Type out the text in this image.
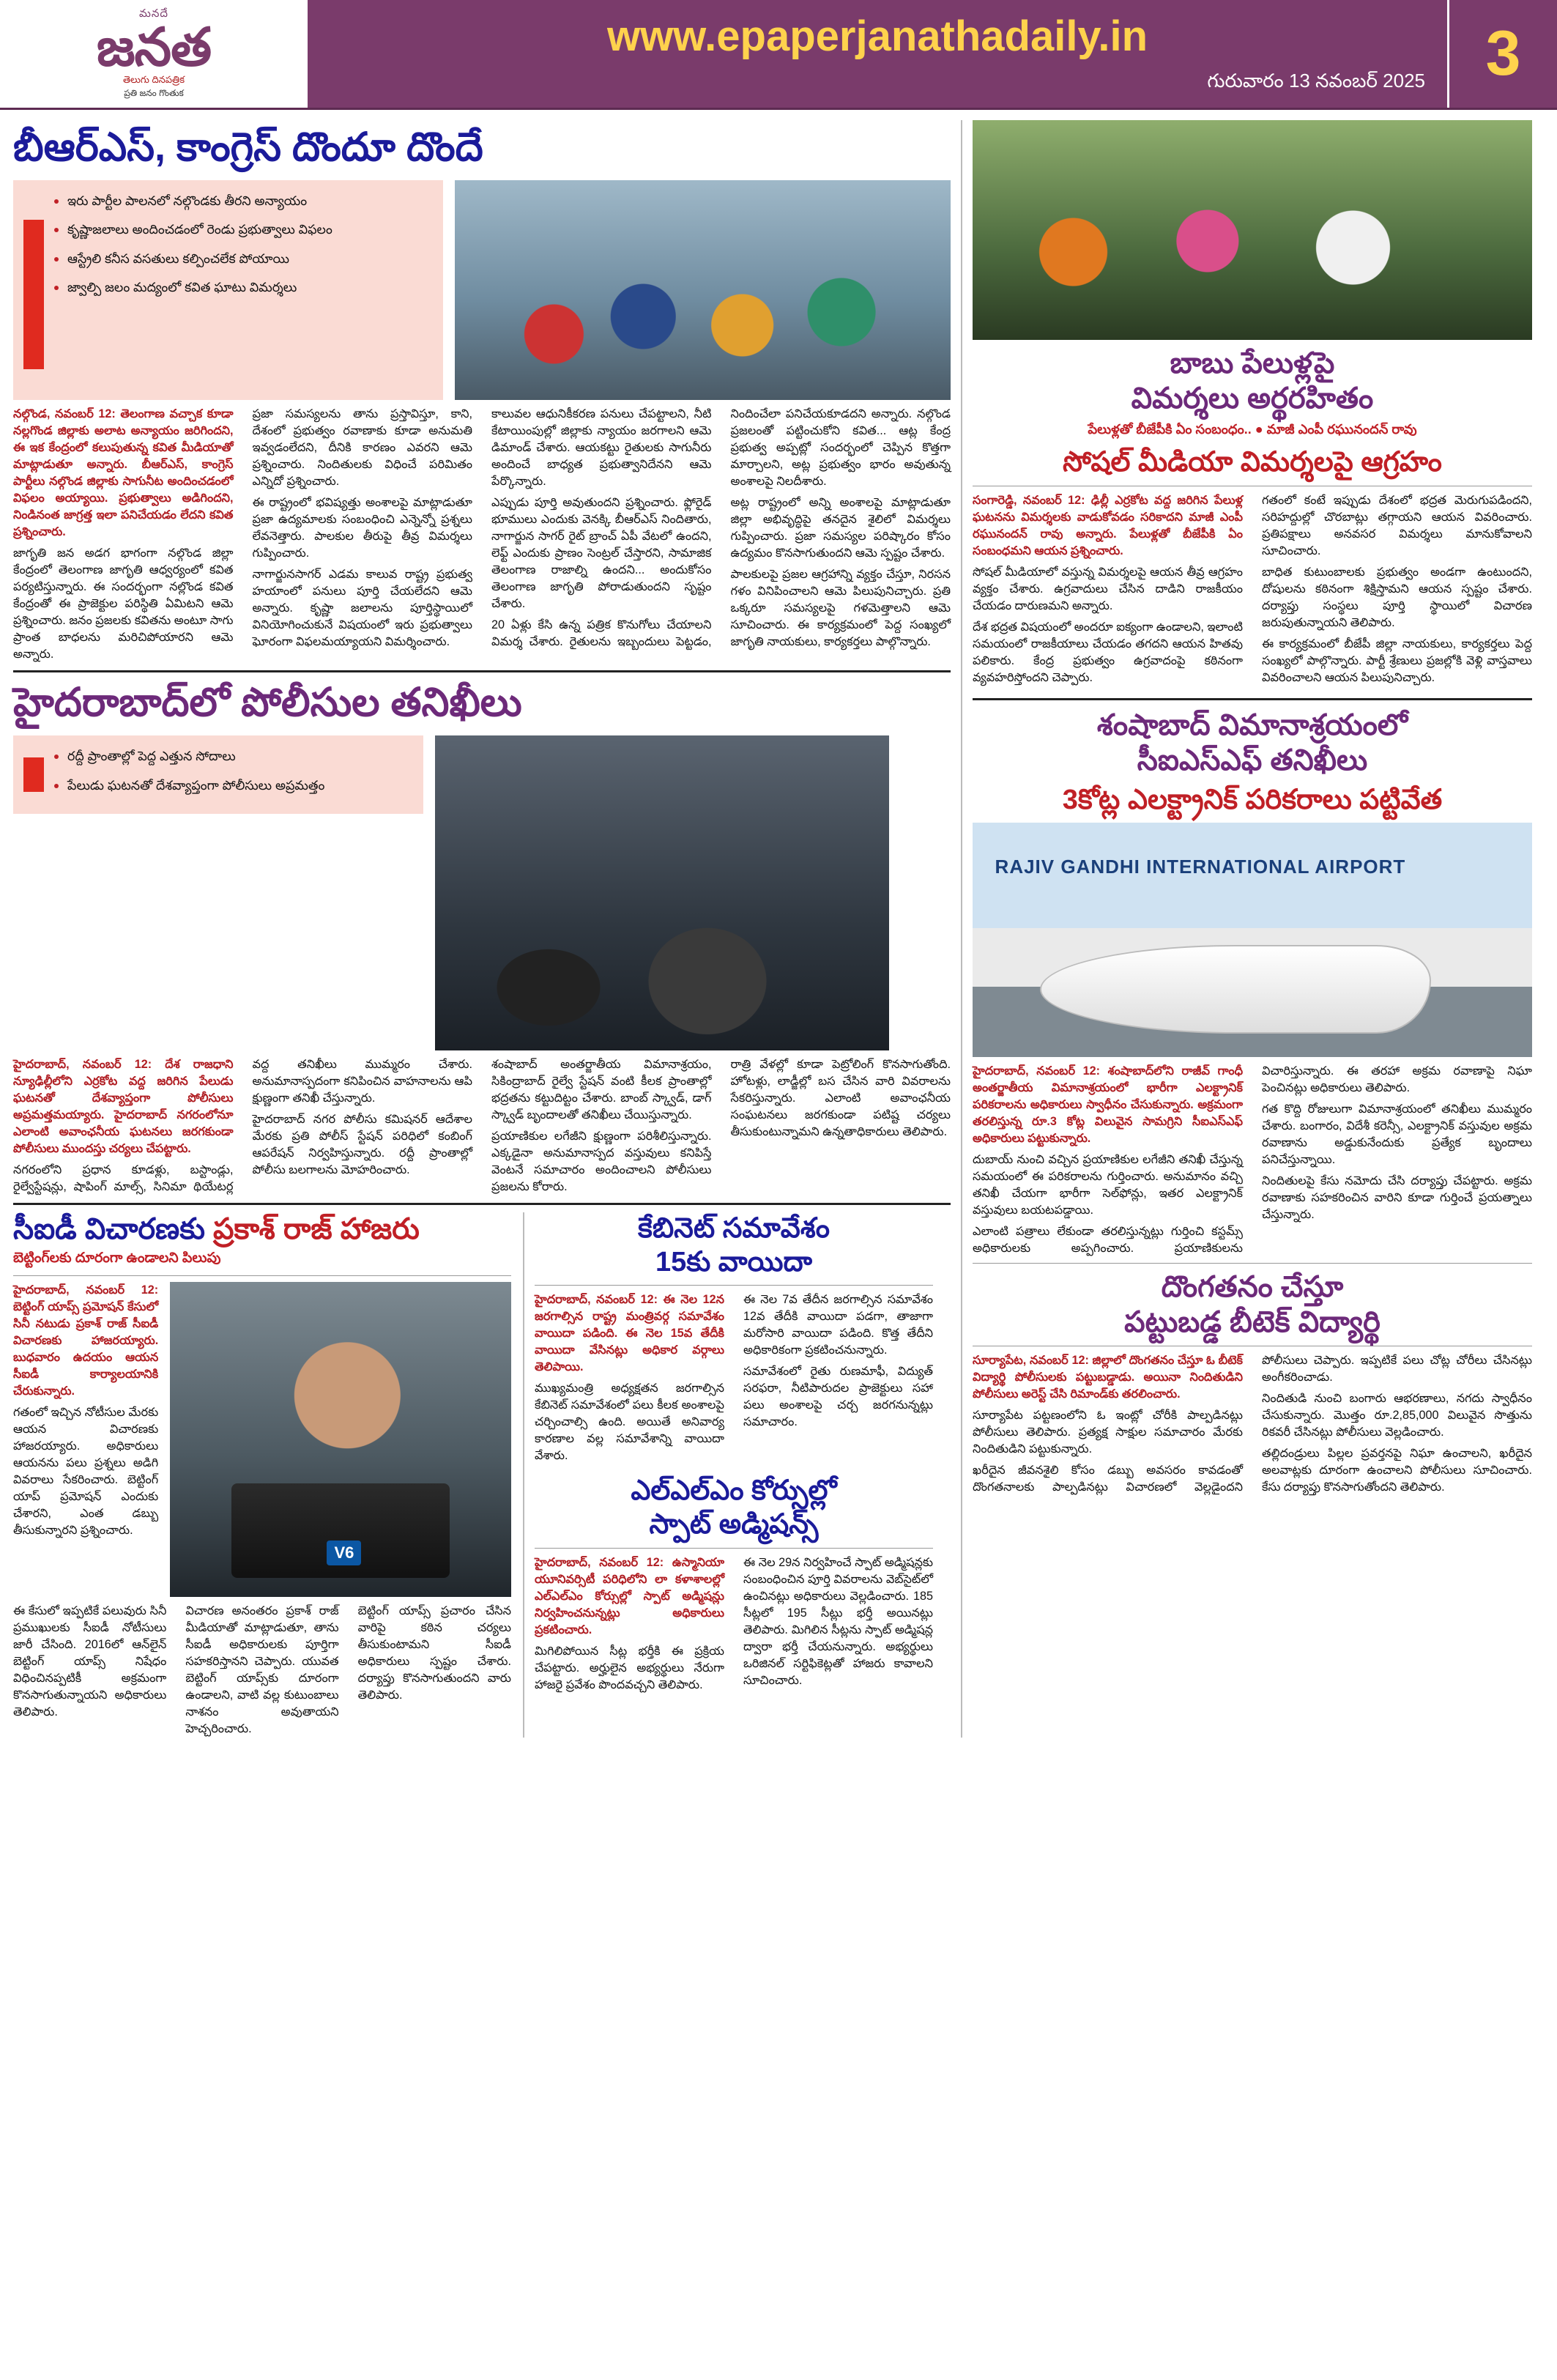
మనదే
జనత
తెలుగు దినపత్రిక
ప్రతి జనం గొంతుక
www.epaperjanathadaily.in
గురువారం 13 నవంబర్ 2025 3
బీఆర్ఎస్, కాంగ్రెస్ దొందూ దొందే
• ఇరు పార్టీల పాలనలో నల్గొండకు తీరని అన్యాయం
• కృష్ణాజలాలు అందించడంలో రెండు ప్రభుత్వాలు విఫలం
• ఆస్ట్రేలి కనీస వసతులు కల్పించలేక పోయాయి
• జ్వాల్పి జలం మద్యంలో కవిత ఘాటు విమర్శలు

నల్గొండ, నవంబర్ 12: తెలంగాణ వచ్చాక కూడా నల్లగొండ జిల్లాకు అలాట అన్యాయం జరిగిందని, ఈ ఇక కేంద్రంలో కలుపుతున్న కవిత మీడియాతో మాట్లాడుతూ అన్నారు. బీఆర్ఎస్, కాంగ్రెస్ పార్టీలు నల్గొండ జిల్లాకు సాగునీట అందించడంలో విఫలం అయ్యాయి. ప్రభుత్వాలు అడిగిందని, నిండినంత జాగ్రత్త ఇలా పనిచేయడం లేదని కవిత ప్రశ్నించారు.

జాగృతి జన అడగ భాగంగా నల్గొండ జిల్లా కేంద్రంలో తెలంగాణ జాగృతి ఆధ్వర్యంలో కవిత పర్యటిస్తున్నారు. ఈ సందర్భంగా నల్లొండ కవిత కేంద్రంతో ఈ ప్రాజెక్టుల పరిస్థితి ఏమిటని ఆమె ప్రశ్నించారు. జనం ప్రజలకు కవితను అంటూ సాగు ప్రాంత బాధలను మరిచిపోయారని ఆమె అన్నారు.

ప్రజా సమస్యలను తాను ప్రస్తావిస్తూ, కాని, దేశంలో ప్రభుత్వం రవాణాకు కూడా అనుమతి ఇవ్వడంలేదని, దీనికి కారణం ఎవరని ఆమె ప్రశ్నించారు. నిందితులకు విధించే పరిమితం ఎన్నిదో ప్రశ్నించారు.

ఈ రాష్ట్రంలో భవిష్యత్తు అంశాలపై మాట్లాడుతూ ప్రజా ఉద్యమాలకు సంబంధించి ఎన్నెన్నో ప్రశ్నలు లేవనెత్తారు. పాలకుల తీరుపై తీవ్ర విమర్శలు గుప్పించారు.

నాగార్జునసాగర్ ఎడమ కాలువ రాష్ట్ర ప్రభుత్వ హయాంలో పనులు పూర్తి చేయలేదని ఆమె అన్నారు. కృష్ణా జలాలను పూర్తిస్థాయిలో వినియోగించుకునే విషయంలో ఇరు ప్రభుత్వాలు ఘోరంగా విఫలమయ్యాయని విమర్శించారు.

కాలువల ఆధునికీకరణ పనులు చేపట్టాలని, నీటి కేటాయింపుల్లో జిల్లాకు న్యాయం జరగాలని ఆమె డిమాండ్ చేశారు. ఆయకట్టు రైతులకు సాగునీరు అందించే బాధ్యత ప్రభుత్వానిదేనని ఆమె పేర్కొన్నారు.

ఎప్పుడు పూర్తి అవుతుందని ప్రశ్నించారు. ఫ్లోరైడ్ భూములు ఎందుకు వెనక్కి బీఆర్ఎస్ నిందితారు, నాగార్జున సాగర్ రైట్ బ్రాంచ్ ఏపీ వేటలో ఉందని, లెఫ్ట్ ఎందుకు ప్రాణం సెంట్రల్ చేస్తారని, సామాజిక తెలంగాణ రాజాల్ని ఉందని... అందుకోసం తెలంగాణ జాగృతి పోరాడుతుందని సృష్టం చేశారు.

20 ఏళ్లు కేసి ఉన్న పత్రిక కొనుగోలు చేయాలని విమర్శ చేశారు. రైతులను ఇబ్బందులు పెట్టడం, నిందించేలా పనిచేయకూడదని అన్నారు. నల్గొండ ప్రజలంతో పట్టించుకోని కవిత... ఆట్ల కేంద్ర ప్రభుత్వ అప్పట్లో సందర్భంలో చెప్పిన కొత్తగా మార్చాలని, అట్ల ప్రభుత్వం భారం అవుతున్న అంశాలపై నిలదీశారు.

అట్ల రాష్ట్రంలో అన్ని అంశాలపై మాట్లాడుతూ జిల్లా అభివృద్ధిపై తనదైన శైలిలో విమర్శలు గుప్పించారు. ప్రజా సమస్యల పరిష్కారం కోసం ఉద్యమం కొనసాగుతుందని ఆమె స్పష్టం చేశారు.

పాలకులపై ప్రజల ఆగ్రహాన్ని వ్యక్తం చేస్తూ, నిరసన గళం వినిపించాలని ఆమె పిలుపునిచ్చారు. ప్రతి ఒక్కరూ సమస్యలపై గళమెత్తాలని ఆమె సూచించారు. ఈ కార్యక్రమంలో పెద్ద సంఖ్యలో జాగృతి నాయకులు, కార్యకర్తలు పాల్గొన్నారు.

హైదరాబాద్‌లో పోలీసుల తనిఖీలు
• రద్దీ ప్రాంతాల్లో పెద్ద ఎత్తున సోదాలు
• పేలుడు ఘటనతో దేశవ్యాప్తంగా పోలీసులు అప్రమత్తం

హైదరాబాద్, నవంబర్ 12: దేశ రాజధాని న్యూఢిల్లీలోని ఎర్రకోట వద్ద జరిగిన పేలుడు ఘటనతో దేశవ్యాప్తంగా పోలీసులు అప్రమత్తమయ్యారు. హైదరాబాద్ నగరంలోనూ ఎలాంటి అవాంఛనీయ ఘటనలు జరగకుండా పోలీసులు ముందస్తు చర్యలు చేపట్టారు.

నగరంలోని ప్రధాన కూడళ్లు, బస్టాండ్లు, రైల్వేస్టేషన్లు, షాపింగ్ మాల్స్, సినిమా థియేటర్ల వద్ద తనిఖీలు ముమ్మరం చేశారు. అనుమానాస్పదంగా కనిపించిన వాహనాలను ఆపి క్షుణ్ణంగా తనిఖీ చేస్తున్నారు.

హైదరాబాద్ నగర పోలీసు కమిషనర్ ఆదేశాల మేరకు ప్రతి పోలీస్ స్టేషన్ పరిధిలో కంబింగ్ ఆపరేషన్ నిర్వహిస్తున్నారు. రద్దీ ప్రాంతాల్లో పోలీసు బలగాలను మోహరించారు.

శంషాబాద్ అంతర్జాతీయ విమానాశ్రయం, సికింద్రాబాద్ రైల్వే స్టేషన్ వంటి కీలక ప్రాంతాల్లో భద్రతను కట్టుదిట్టం చేశారు. బాంబ్ స్క్వాడ్, డాగ్ స్క్వాడ్ బృందాలతో తనిఖీలు చేయిస్తున్నారు.

ప్రయాణికుల లగేజీని క్షుణ్ణంగా పరిశీలిస్తున్నారు. ఎక్కడైనా అనుమానాస్పద వస్తువులు కనిపిస్తే వెంటనే సమాచారం అందించాలని పోలీసులు ప్రజలను కోరారు.

రాత్రి వేళల్లో కూడా పెట్రోలింగ్ కొనసాగుతోంది. హోటళ్లు, లాడ్జీల్లో బస చేసిన వారి వివరాలను సేకరిస్తున్నారు. ఎలాంటి అవాంఛనీయ సంఘటనలు జరగకుండా పటిష్ట చర్యలు తీసుకుంటున్నామని ఉన్నతాధికారులు తెలిపారు.

సీఐడీ విచారణకు ప్రకాశ్ రాజ్ హాజరు
బెట్టింగ్‌లకు దూరంగా ఉండాలని పిలుపు

హైదరాబాద్, నవంబర్ 12: బెట్టింగ్ యాప్స్ ప్రమోషన్ కేసులో సినీ నటుడు ప్రకాశ్ రాజ్ సీఐడీ విచారణకు హాజరయ్యారు. బుధవారం ఉదయం ఆయన సీఐడీ కార్యాలయానికి చేరుకున్నారు.

గతంలో ఇచ్చిన నోటీసుల మేరకు ఆయన విచారణకు హాజరయ్యారు. అధికారులు ఆయనను పలు ప్రశ్నలు అడిగి వివరాలు సేకరించారు. బెట్టింగ్ యాప్ ప్రమోషన్ ఎందుకు చేశారని, ఎంత డబ్బు తీసుకున్నారని ప్రశ్నించారు.

V6

ఈ కేసులో ఇప్పటికే పలువురు సినీ ప్రముఖులకు సీఐడీ నోటీసులు జారీ చేసింది. 2016లో ఆన్‌లైన్ బెట్టింగ్ యాప్స్ నిషేధం విధించినప్పటికీ అక్రమంగా కొనసాగుతున్నాయని అధికారులు తెలిపారు.

విచారణ అనంతరం ప్రకాశ్ రాజ్ మీడియాతో మాట్లాడుతూ, తాను సీఐడీ అధికారులకు పూర్తిగా సహకరిస్తానని చెప్పారు. యువత బెట్టింగ్ యాప్స్‌కు దూరంగా ఉండాలని, వాటి వల్ల కుటుంబాలు నాశనం అవుతాయని హెచ్చరించారు.

బెట్టింగ్ యాప్స్ ప్రచారం చేసిన వారిపై కఠిన చర్యలు తీసుకుంటామని సీఐడీ అధికారులు స్పష్టం చేశారు. దర్యాప్తు కొనసాగుతుందని వారు తెలిపారు.

కేబినెట్ సమావేశం
15కు వాయిదా

హైదరాబాద్, నవంబర్ 12: ఈ నెల 12న జరగాల్సిన రాష్ట్ర మంత్రివర్గ సమావేశం వాయిదా పడింది. ఈ నెల 15వ తేదీకి వాయిదా వేసినట్లు అధికార వర్గాలు తెలిపాయి.

ముఖ్యమంత్రి అధ్యక్షతన జరగాల్సిన కేబినెట్ సమావేశంలో పలు కీలక అంశాలపై చర్చించాల్సి ఉంది. అయితే అనివార్య కారణాల వల్ల సమావేశాన్ని వాయిదా వేశారు.

ఈ నెల 7వ తేదీన జరగాల్సిన సమావేశం 12వ తేదీకి వాయిదా పడగా, తాజాగా మరోసారి వాయిదా పడింది. కొత్త తేదీని అధికారికంగా ప్రకటించనున్నారు.

సమావేశంలో రైతు రుణమాఫీ, విద్యుత్ సరఫరా, నీటిపారుదల ప్రాజెక్టులు సహా పలు అంశాలపై చర్చ జరగనున్నట్లు సమాచారం.

ఎల్ఎల్ఎం కోర్సుల్లో
స్పాట్ అడ్మిషన్స్

హైదరాబాద్, నవంబర్ 12: ఉస్మానియా యూనివర్సిటీ పరిధిలోని లా కళాశాలల్లో ఎల్ఎల్ఎం కోర్సుల్లో స్పాట్ అడ్మిషన్లు నిర్వహించనున్నట్లు అధికారులు ప్రకటించారు.

మిగిలిపోయిన సీట్ల భర్తీకి ఈ ప్రక్రియ చేపట్టారు. అర్హులైన అభ్యర్థులు నేరుగా హాజరై ప్రవేశం పొందవచ్చని తెలిపారు.

ఈ నెల 29న నిర్వహించే స్పాట్ అడ్మిషన్లకు సంబంధించిన పూర్తి వివరాలను వెబ్‌సైట్‌లో ఉంచినట్లు అధికారులు వెల్లడించారు. 185 సీట్లలో 195 సీట్లు భర్తీ అయినట్లు తెలిపారు. మిగిలిన సీట్లను స్పాట్ అడ్మిషన్ల ద్వారా భర్తీ చేయనున్నారు. అభ్యర్థులు ఒరిజినల్ సర్టిఫికెట్లతో హాజరు కావాలని సూచించారు.

బాబు పేలుళ్లపై
విమర్శలు అర్థరహితం
పేలుళ్లతో బీజేపీకి ఏం సంబంధం.. ● మాజీ ఎంపీ రఘునందన్ రావు
సోషల్ మీడియా విమర్శలపై ఆగ్రహం

సంగారెడ్డి, నవంబర్ 12: ఢిల్లీ ఎర్రకోట వద్ద జరిగిన పేలుళ్ల ఘటనను విమర్శలకు వాడుకోవడం సరికాదని మాజీ ఎంపీ రఘునందన్ రావు అన్నారు. పేలుళ్లతో బీజేపీకి ఏం సంబంధమని ఆయన ప్రశ్నించారు.

సోషల్ మీడియాలో వస్తున్న విమర్శలపై ఆయన తీవ్ర ఆగ్రహం వ్యక్తం చేశారు. ఉగ్రవాదులు చేసిన దాడిని రాజకీయం చేయడం దారుణమని అన్నారు.

దేశ భద్రత విషయంలో అందరూ ఐక్యంగా ఉండాలని, ఇలాంటి సమయంలో రాజకీయాలు చేయడం తగదని ఆయన హితవు పలికారు. కేంద్ర ప్రభుత్వం ఉగ్రవాదంపై కఠినంగా వ్యవహరిస్తోందని చెప్పారు.

గతంలో కంటే ఇప్పుడు దేశంలో భద్రత మెరుగుపడిందని, సరిహద్దుల్లో చొరబాట్లు తగ్గాయని ఆయన వివరించారు. ప్రతిపక్షాలు అనవసర విమర్శలు మానుకోవాలని సూచించారు.

బాధిత కుటుంబాలకు ప్రభుత్వం అండగా ఉంటుందని, దోషులను కఠినంగా శిక్షిస్తామని ఆయన స్పష్టం చేశారు. దర్యాప్తు సంస్థలు పూర్తి స్థాయిలో విచారణ జరుపుతున్నాయని తెలిపారు.

ఈ కార్యక్రమంలో బీజేపీ జిల్లా నాయకులు, కార్యకర్తలు పెద్ద సంఖ్యలో పాల్గొన్నారు. పార్టీ శ్రేణులు ప్రజల్లోకి వెళ్లి వాస్తవాలు వివరించాలని ఆయన పిలుపునిచ్చారు.

శంషాబాద్ విమానాశ్రయంలో
సీఐఎస్ఎఫ్ తనిఖీలు
3కోట్ల ఎలక్ట్రానిక్ పరికరాలు పట్టివేత
RAJIV GANDHI INTERNATIONAL AIRPORT

హైదరాబాద్, నవంబర్ 12: శంషాబాద్‌లోని రాజీవ్ గాంధీ అంతర్జాతీయ విమానాశ్రయంలో భారీగా ఎలక్ట్రానిక్ పరికరాలను అధికారులు స్వాధీనం చేసుకున్నారు. అక్రమంగా తరలిస్తున్న రూ.3 కోట్ల విలువైన సామగ్రిని సీఐఎస్ఎఫ్ అధికారులు పట్టుకున్నారు.

దుబాయ్ నుంచి వచ్చిన ప్రయాణికుల లగేజీని తనిఖీ చేస్తున్న సమయంలో ఈ పరికరాలను గుర్తించారు. అనుమానం వచ్చి తనిఖీ చేయగా భారీగా సెల్‌ఫోన్లు, ఇతర ఎలక్ట్రానిక్ వస్తువులు బయటపడ్డాయి.

ఎలాంటి పత్రాలు లేకుండా తరలిస్తున్నట్లు గుర్తించి కస్టమ్స్ అధికారులకు అప్పగించారు. ప్రయాణికులను విచారిస్తున్నారు. ఈ తరహా అక్రమ రవాణాపై నిఘా పెంచినట్లు అధికారులు తెలిపారు.

గత కొద్ది రోజులుగా విమానాశ్రయంలో తనిఖీలు ముమ్మరం చేశారు. బంగారం, విదేశీ కరెన్సీ, ఎలక్ట్రానిక్ వస్తువుల అక్రమ రవాణాను అడ్డుకునేందుకు ప్రత్యేక బృందాలు పనిచేస్తున్నాయి.

నిందితులపై కేసు నమోదు చేసి దర్యాప్తు చేపట్టారు. అక్రమ రవాణాకు సహకరించిన వారిని కూడా గుర్తించే ప్రయత్నాలు చేస్తున్నారు.

దొంగతనం చేస్తూ
పట్టుబడ్డ బీటెక్ విద్యార్థి

సూర్యాపేట, నవంబర్ 12: జిల్లాలో దొంగతనం చేస్తూ ఓ బీటెక్ విద్యార్థి పోలీసులకు పట్టుబడ్డాడు. అయినా నిందితుడిని పోలీసులు అరెస్ట్ చేసి రిమాండ్‌కు తరలించారు.

సూర్యాపేట పట్టణంలోని ఓ ఇంట్లో చోరీకి పాల్పడినట్లు పోలీసులు తెలిపారు. ప్రత్యక్ష సాక్షుల సమాచారం మేరకు నిందితుడిని పట్టుకున్నారు.

ఖరీదైన జీవనశైలి కోసం డబ్బు అవసరం కావడంతో దొంగతనాలకు పాల్పడినట్లు విచారణలో వెల్లడైందని పోలీసులు చెప్పారు. ఇప్పటికే పలు చోట్ల చోరీలు చేసినట్లు అంగీకరించాడు.

నిందితుడి నుంచి బంగారు ఆభరణాలు, నగదు స్వాధీనం చేసుకున్నారు. మొత్తం రూ.2,85,000 విలువైన సొత్తును రికవరీ చేసినట్లు పోలీసులు వెల్లడించారు.

తల్లిదండ్రులు పిల్లల ప్రవర్తనపై నిఘా ఉంచాలని, ఖరీదైన అలవాట్లకు దూరంగా ఉంచాలని పోలీసులు సూచించారు. కేసు దర్యాప్తు కొనసాగుతోందని తెలిపారు.
